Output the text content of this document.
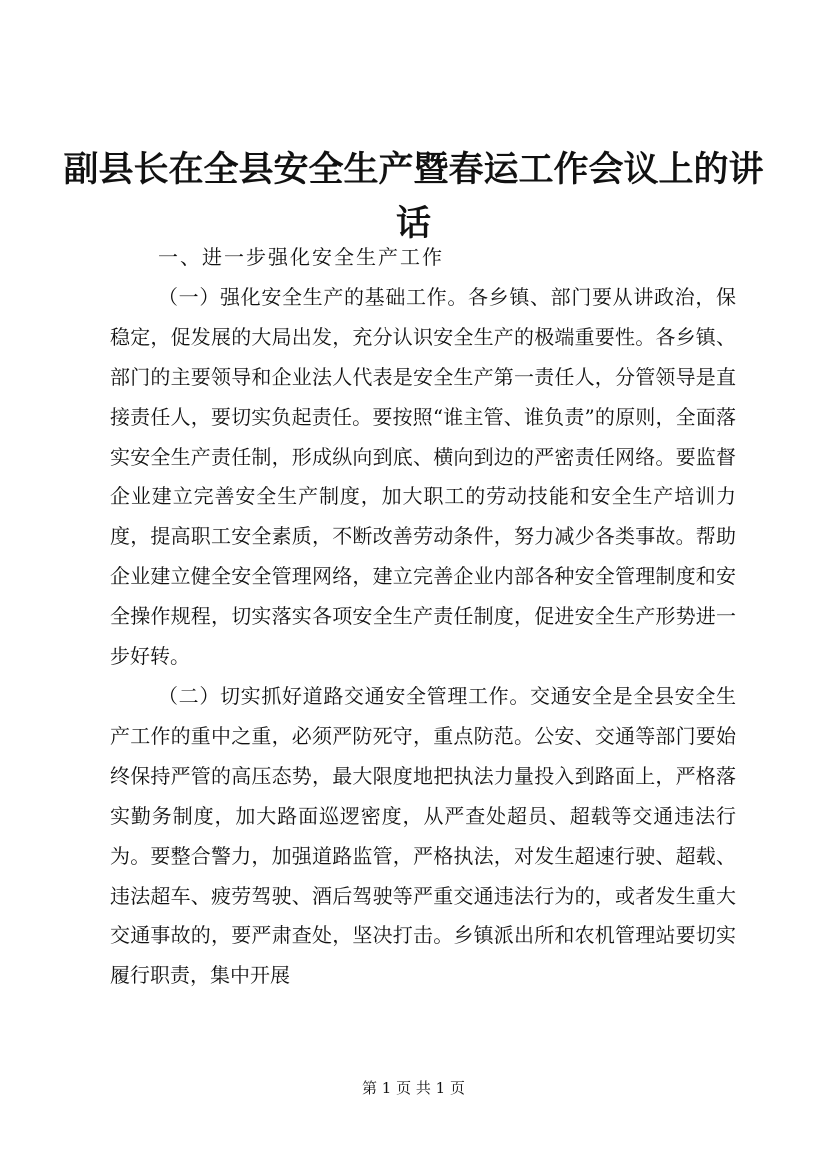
副县长在全县安全生产暨春运工作会议上的讲话

一、进一步强化安全生产工作

（一）强化安全生产的基础工作。各乡镇、部门要从讲政治，保稳定，促发展的大局出发，充分认识安全生产的极端重要性。各乡镇、部门的主要领导和企业法人代表是安全生产第一责任人，分管领导是直接责任人，要切实负起责任。要按照“谁主管、谁负责”的原则，全面落实安全生产责任制，形成纵向到底、横向到边的严密责任网络。要监督企业建立完善安全生产制度，加大职工的劳动技能和安全生产培训力度，提高职工安全素质，不断改善劳动条件，努力减少各类事故。帮助企业建立健全安全管理网络，建立完善企业内部各种安全管理制度和安全操作规程，切实落实各项安全生产责任制度，促进安全生产形势进一步好转。

（二）切实抓好道路交通安全管理工作。交通安全是全县安全生产工作的重中之重，必须严防死守，重点防范。公安、交通等部门要始终保持严管的高压态势，最大限度地把执法力量投入到路面上，严格落实勤务制度，加大路面巡逻密度，从严查处超员、超载等交通违法行为。要整合警力，加强道路监管，严格执法，对发生超速行驶、超载、违法超车、疲劳驾驶、酒后驾驶等严重交通违法行为的，或者发生重大交通事故的，要严肃查处，坚决打击。乡镇派出所和农机管理站要切实履行职责，集中开展

第 1 页 共 1 页
